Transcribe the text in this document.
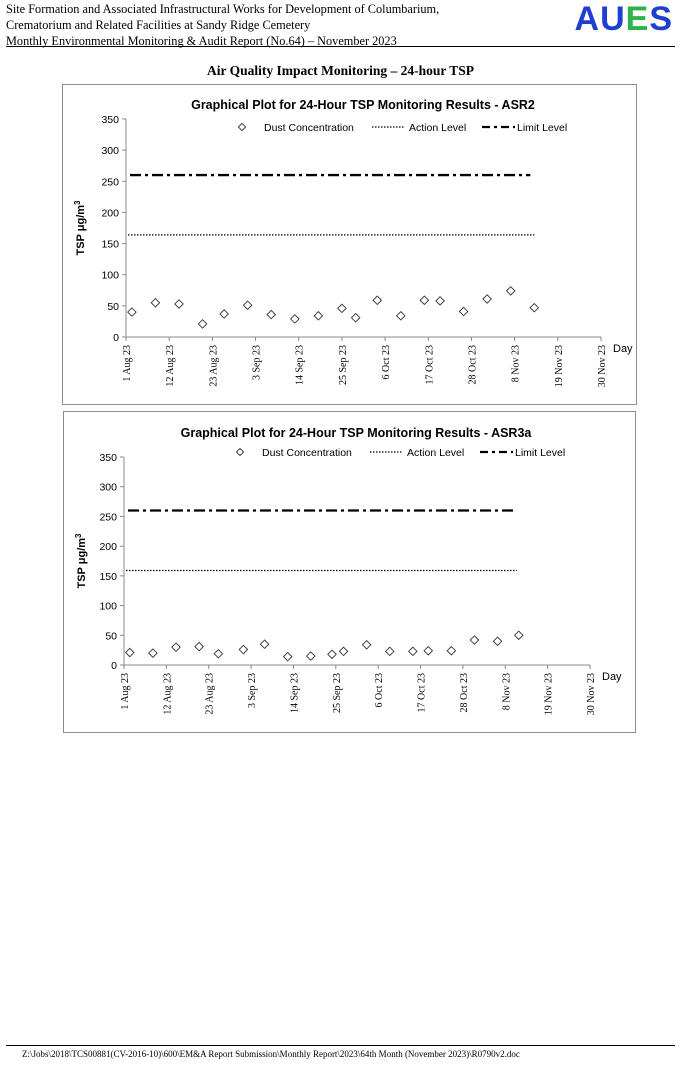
Site Formation and Associated Infrastructural Works for Development of Columbarium,
Crematorium and Related Facilities at Sandy Ridge Cemetery
Monthly Environmental Monitoring & Audit Report (No.64) – November 2023
AUES
Air Quality Impact Monitoring – 24-hour TSP
Graphical Plot for 24-Hour TSP Monitoring Results - ASR2
0
50
100
150
200
250
300
350
TSP $\mu g/m^3$
1 Aug 23	12 Aug 23	23 Aug 23	3 Sep 23	14 Sep 23	25 Sep 23	6 Oct 23	17 Oct 23	28 Oct 23	8 Nov 23	19 Nov 23	30 Nov 23 Day
Dust Concentration	Action Level	Limit Level
Graphical Plot for 24-Hour TSP Monitoring Results - ASR3a
0
50
100
150
200
250
300
350
TSP $\mu g/m^3$
1 Aug 23	12 Aug 23	23 Aug 23	3 Sep 23	14 Sep 23	25 Sep 23	6 Oct 23	17 Oct 23	28 Oct 23	8 Nov 23	19 Nov 23	30 Nov 23 Day
Dust Concentration	Action Level	Limit Level
Z:\Jobs\2018\TCS00881(CV-2016-10)\600\EM&A Report Submission\Monthly Report\2023\64th Month (November 2023)\R0790v2.doc
